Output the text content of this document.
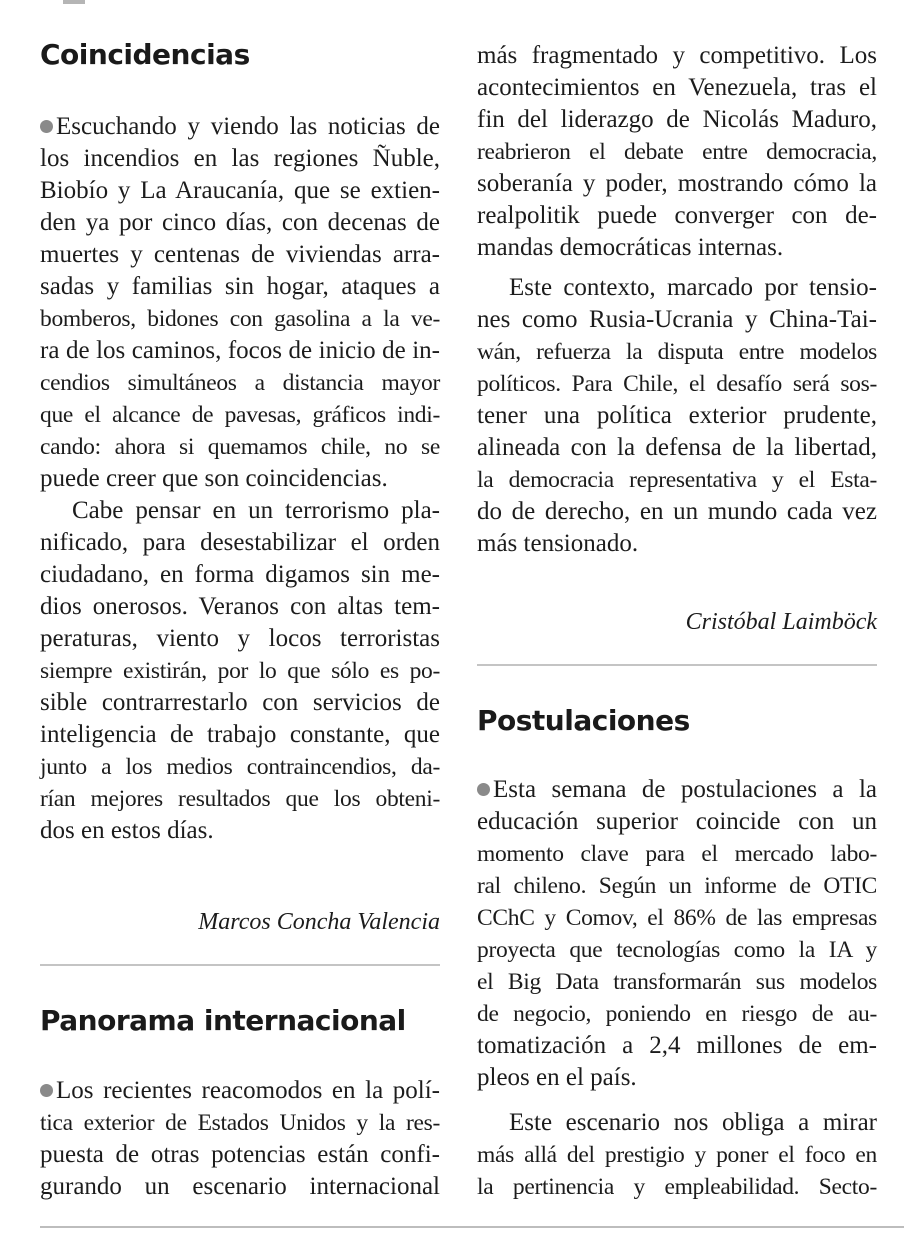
Coincidencias
Escuchando y viendo las noticias de
los incendios en las regiones Ñuble,
Biobío y La Araucanía, que se extien-
den ya por cinco días, con decenas de
muertes y centenas de viviendas arra-
sadas y familias sin hogar, ataques a
bomberos, bidones con gasolina a la ve-
ra de los caminos, focos de inicio de in-
cendios simultáneos a distancia mayor
que el alcance de pavesas, gráficos indi-
cando: ahora si quemamos chile, no se
puede creer que son coincidencias.
Cabe pensar en un terrorismo pla-
nificado, para desestabilizar el orden
ciudadano, en forma digamos sin me-
dios onerosos. Veranos con altas tem-
peraturas, viento y locos terroristas
siempre existirán, por lo que sólo es po-
sible contrarrestarlo con servicios de
inteligencia de trabajo constante, que
junto a los medios contraincendios, da-
rían mejores resultados que los obteni-
dos en estos días.
Marcos Concha Valencia
Panorama internacional
Los recientes reacomodos en la polí-
tica exterior de Estados Unidos y la res-
puesta de otras potencias están confi-
gurando un escenario internacional
más fragmentado y competitivo. Los
acontecimientos en Venezuela, tras el
fin del liderazgo de Nicolás Maduro,
reabrieron el debate entre democracia,
soberanía y poder, mostrando cómo la
realpolitik puede converger con de-
mandas democráticas internas.
Este contexto, marcado por tensio-
nes como Rusia-Ucrania y China-Tai-
wán, refuerza la disputa entre modelos
políticos. Para Chile, el desafío será sos-
tener una política exterior prudente,
alineada con la defensa de la libertad,
la democracia representativa y el Esta-
do de derecho, en un mundo cada vez
más tensionado.
Cristóbal Laimböck
Postulaciones
Esta semana de postulaciones a la
educación superior coincide con un
momento clave para el mercado labo-
ral chileno. Según un informe de OTIC
CChC y Comov, el 86% de las empresas
proyecta que tecnologías como la IA y
el Big Data transformarán sus modelos
de negocio, poniendo en riesgo de au-
tomatización a 2,4 millones de em-
pleos en el país.
Este escenario nos obliga a mirar
más allá del prestigio y poner el foco en
la pertinencia y empleabilidad. Secto-
